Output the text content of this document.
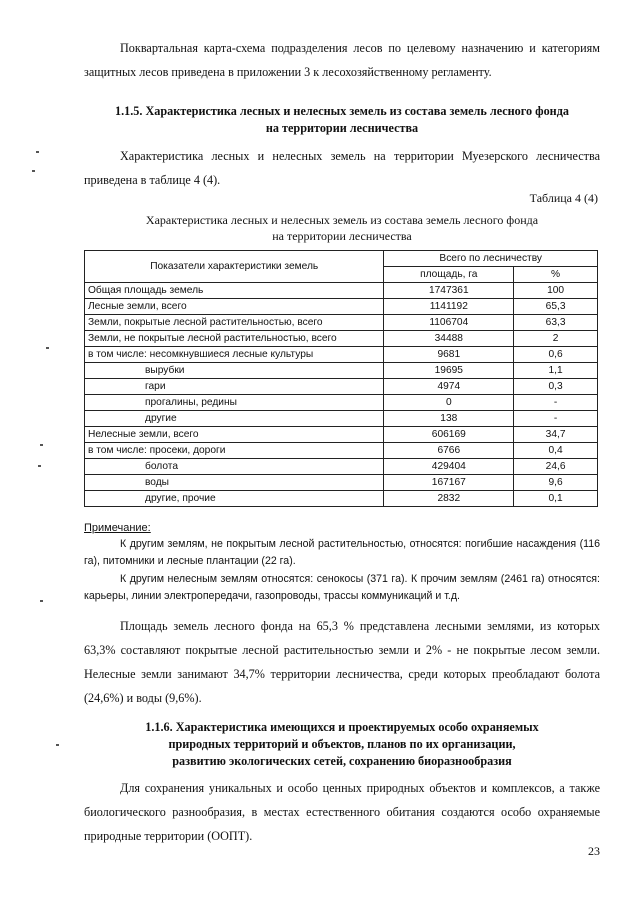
Поквартальная карта-схема подразделения лесов по целевому назначению и категориям защитных лесов приведена в приложении 3 к лесохозяйственному регламенту.

1.1.5. Характеристика лесных и нелесных земель из состава земель лесного фонда
на территории лесничества

Характеристика лесных и нелесных земель на территории Муезерского лесничества приведена в таблице 4 (4).

Таблица 4 (4)
Характеристика лесных и нелесных земель из состава земель лесного фонда
на территории лесничества
Показатели характеристики земель	Всего по лесничеству	
	площадь, га	%
Общая площадь земель	1747361	100
Лесные земли, всего	1141192	65,3
Земли, покрытые лесной растительностью, всего	1106704	63,3
Земли, не покрытые лесной растительностью, всего	34488	2
в том числе: несомкнувшиеся лесные культуры	9681	0,6
вырубки	19695	1,1
гари	4974	0,3
прогалины, редины	0	-
другие	138	-
Нелесные земли, всего	606169	34,7
в том числе: просеки, дороги	6766	0,4
болота	429404	24,6
воды	167167	9,6
другие, прочие	2832	0,1
Примечание:

К другим землям, не покрытым лесной растительностью, относятся: погибшие насаждения (116 га), питомники и лесные плантации (22 га).

К другим нелесным землям относятся: сенокосы (371 га). К прочим землям (2461 га) относятся: карьеры, линии электропередачи, газопроводы, трассы коммуникаций и т.д.

Площадь земель лесного фонда на 65,3 % представлена лесными землями, из которых 63,3% составляют покрытые лесной растительностью земли и 2% - не покрытые лесом земли. Нелесные земли занимают 34,7% территории лесничества, среди которых преобладают болота (24,6%) и воды (9,6%).

1.1.6. Характеристика имеющихся и проектируемых особо охраняемых
природных территорий и объектов, планов по их организации,
развитию экологических сетей, сохранению биоразнообразия

Для сохранения уникальных и особо ценных природных объектов и комплексов, а также биологического разнообразия, в местах естественного обитания создаются особо охраняемые природные территории (ООПТ).

23
